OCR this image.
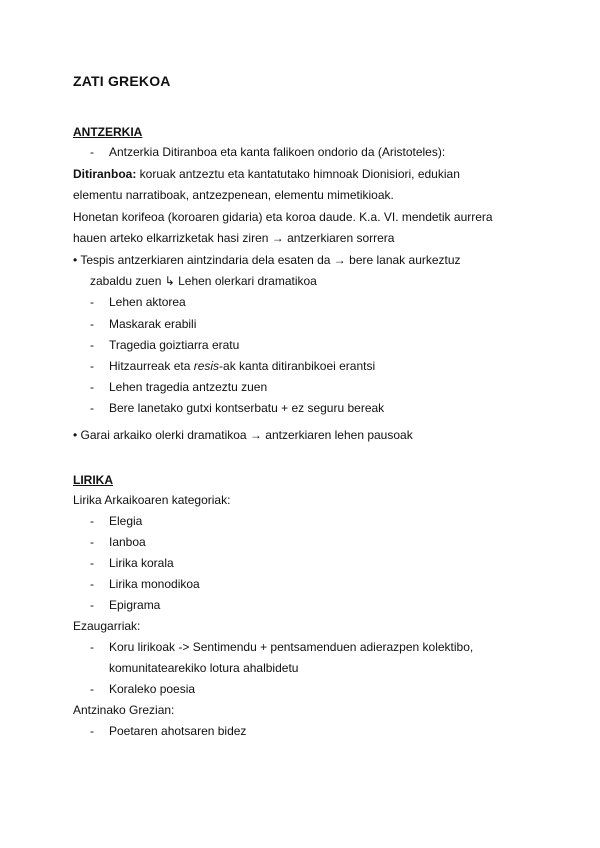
ZATI GREKOA
ANTZERKIA
- Antzerkia Ditiranboa eta kanta falikoen ondorio da (Aristoteles):
Ditiranboa: koruak antzeztu eta kantatutako himnoak Dionisiori, edukian
elementu narratiboak, antzezpenean, elementu mimetikioak.
Honetan korifeoa (koroaren gidaria) eta koroa daude. K.a. VI. mendetik aurrera
hauen arteko elkarrizketak hasi ziren → antzerkiaren sorrera
• Tespis antzerkiaren aintzindaria dela esaten da → bere lanak aurkeztuz
zabaldu zuen ↳ Lehen olerkari dramatikoa
- Lehen aktorea
- Maskarak erabili
- Tragedia goiztiarra eratu
- Hitzaurreak eta resis-ak kanta ditiranbikoei erantsi
- Lehen tragedia antzeztu zuen
- Bere lanetako gutxi kontserbatu + ez seguru bereak
• Garai arkaiko olerki dramatikoa → antzerkiaren lehen pausoak
LIRIKA
Lirika Arkaikoaren kategoriak:
- Elegia
- Ianboa
- Lirika korala
- Lirika monodikoa
- Epigrama
Ezaugarriak:
- Koru lirikoak -> Sentimendu + pentsamenduen adierazpen kolektibo,
komunitatearekiko lotura ahalbidetu
- Koraleko poesia
Antzinako Grezian:
- Poetaren ahotsaren bidez
